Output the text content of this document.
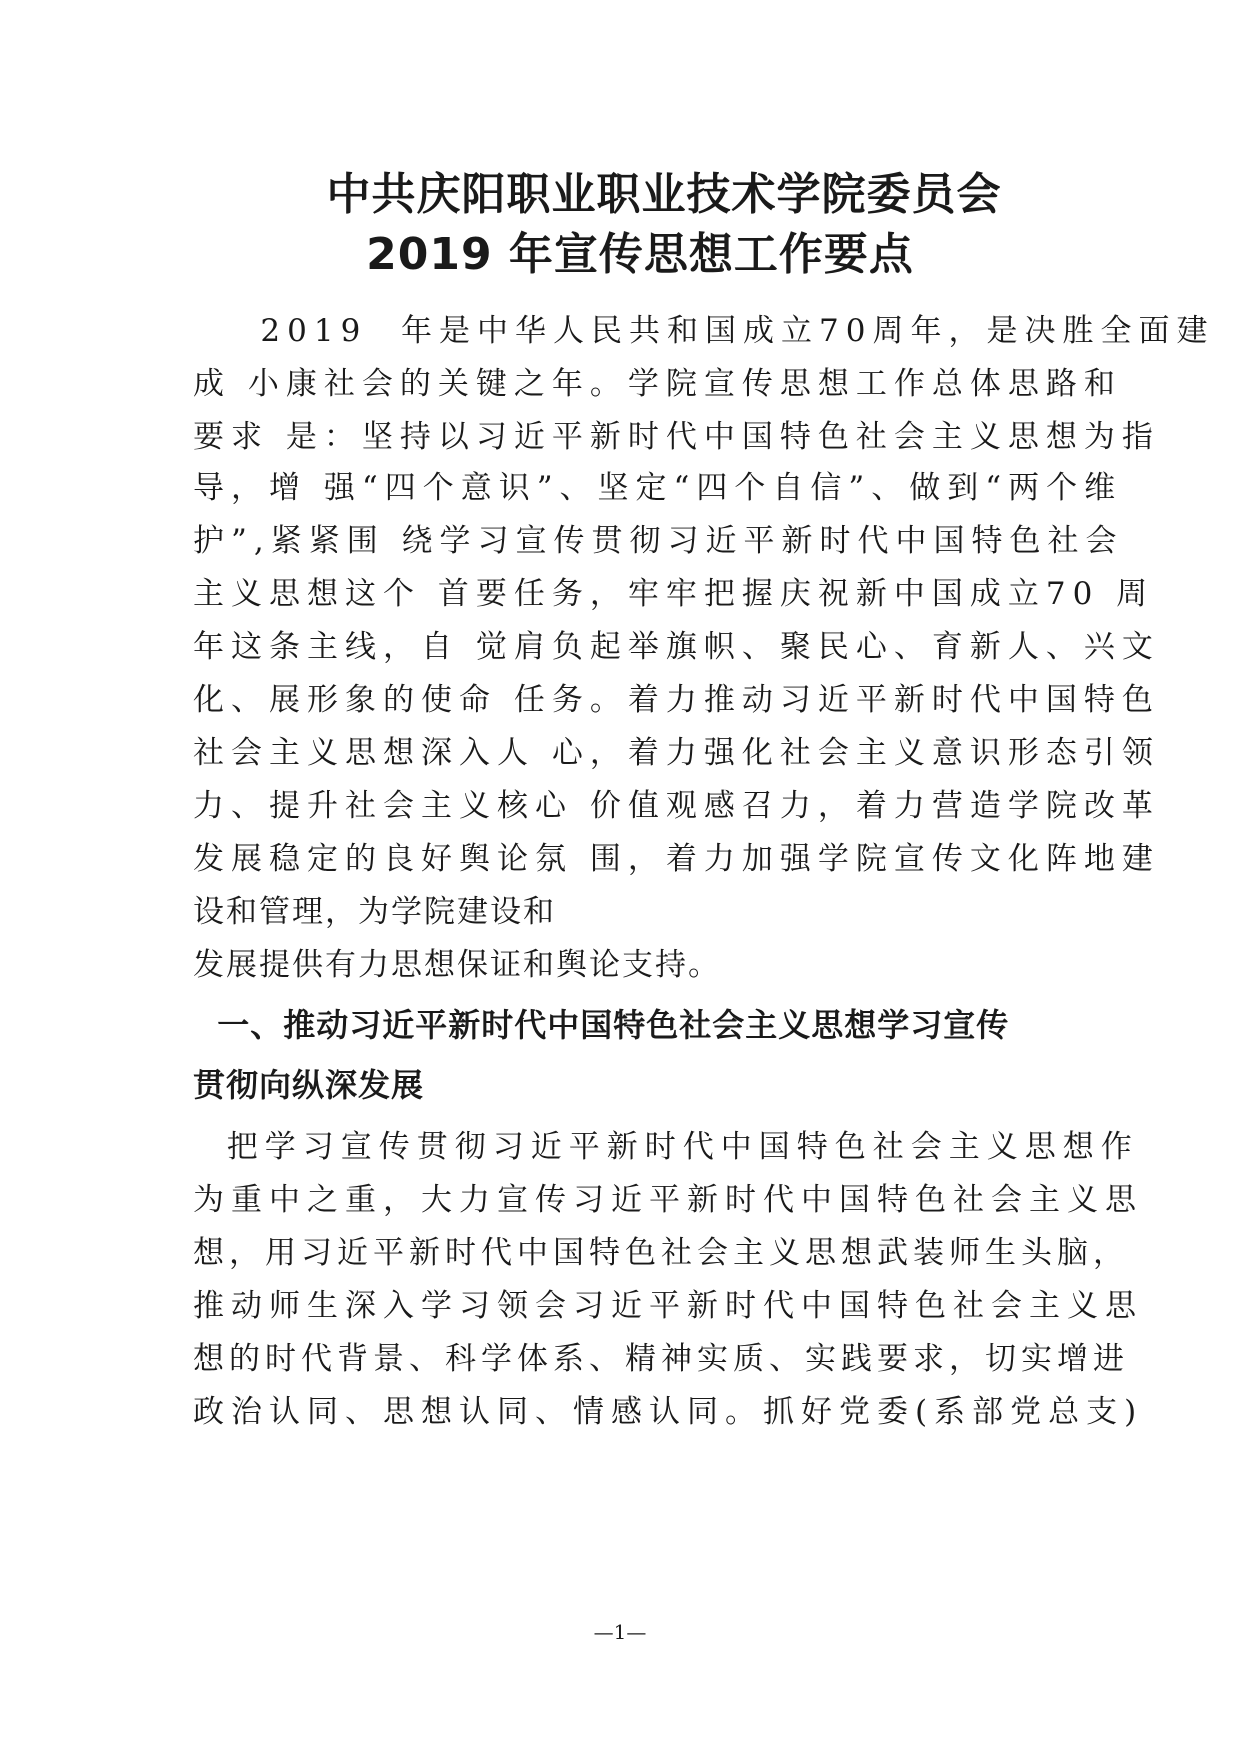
中共庆阳职业职业技术学院委员会
2019 年宣传思想工作要点
2019  年是中华人民共和国成立70周年，是决胜全面建
成 小康社会的关键之年。学院宣传思想工作总体思路和
要求 是：坚持以习近平新时代中国特色社会主义思想为指
导，增 强“四个意识”、坚定“四个自信”、做到“两个维
护”,紧紧围 绕学习宣传贯彻习近平新时代中国特色社会
主义思想这个 首要任务，牢牢把握庆祝新中国成立70 周
年这条主线，自 觉肩负起举旗帜、聚民心、育新人、兴文
化、展形象的使命 任务。着力推动习近平新时代中国特色
社会主义思想深入人 心，着力强化社会主义意识形态引领
力、提升社会主义核心 价值观感召力，着力营造学院改革
发展稳定的良好舆论氛 围，着力加强学院宣传文化阵地建
设和管理，为学院建设和
发展提供有力思想保证和舆论支持。
一、推动习近平新时代中国特色社会主义思想学习宣传
贯彻向纵深发展
把学习宣传贯彻习近平新时代中国特色社会主义思想作
为重中之重，大力宣传习近平新时代中国特色社会主义思
想，用习近平新时代中国特色社会主义思想武装师生头脑，
推动师生深入学习领会习近平新时代中国特色社会主义思
想的时代背景、科学体系、精神实质、实践要求，切实增进
政治认同、思想认同、情感认同。抓好党委(系部党总支)
—1—
